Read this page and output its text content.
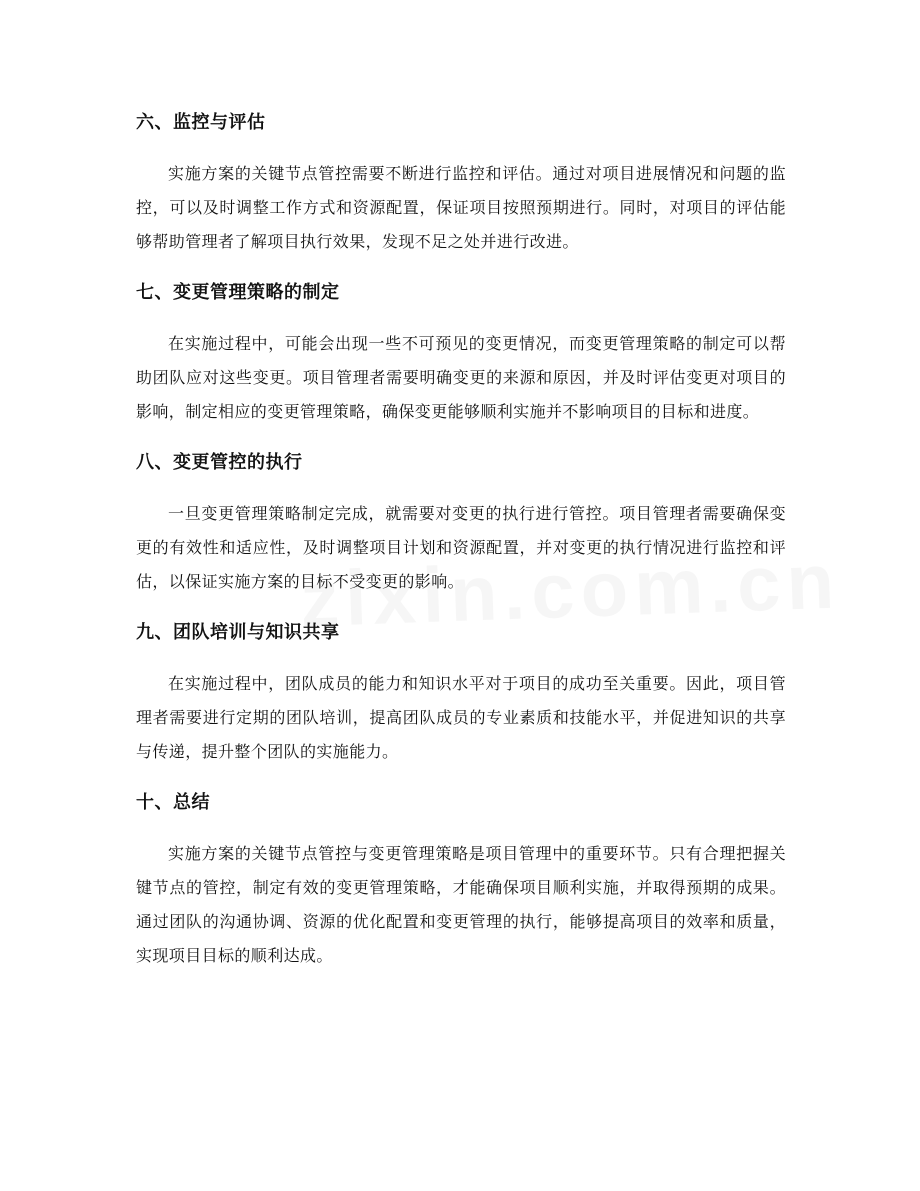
六、监控与评估

实施方案的关键节点管控需要不断进行监控和评估。通过对项目进展情况和问题的监控，可以及时调整工作方式和资源配置，保证项目按照预期进行。同时，对项目的评估能够帮助管理者了解项目执行效果，发现不足之处并进行改进。

七、变更管理策略的制定

在实施过程中，可能会出现一些不可预见的变更情况，而变更管理策略的制定可以帮助团队应对这些变更。项目管理者需要明确变更的来源和原因，并及时评估变更对项目的影响，制定相应的变更管理策略，确保变更能够顺利实施并不影响项目的目标和进度。

八、变更管控的执行

一旦变更管理策略制定完成，就需要对变更的执行进行管控。项目管理者需要确保变更的有效性和适应性，及时调整项目计划和资源配置，并对变更的执行情况进行监控和评估，以保证实施方案的目标不受变更的影响。

九、团队培训与知识共享

在实施过程中，团队成员的能力和知识水平对于项目的成功至关重要。因此，项目管理者需要进行定期的团队培训，提高团队成员的专业素质和技能水平，并促进知识的共享与传递，提升整个团队的实施能力。

十、总结

实施方案的关键节点管控与变更管理策略是项目管理中的重要环节。只有合理把握关键节点的管控，制定有效的变更管理策略，才能确保项目顺利实施，并取得预期的成果。通过团队的沟通协调、资源的优化配置和变更管理的执行，能够提高项目的效率和质量，实现项目目标的顺利达成。
